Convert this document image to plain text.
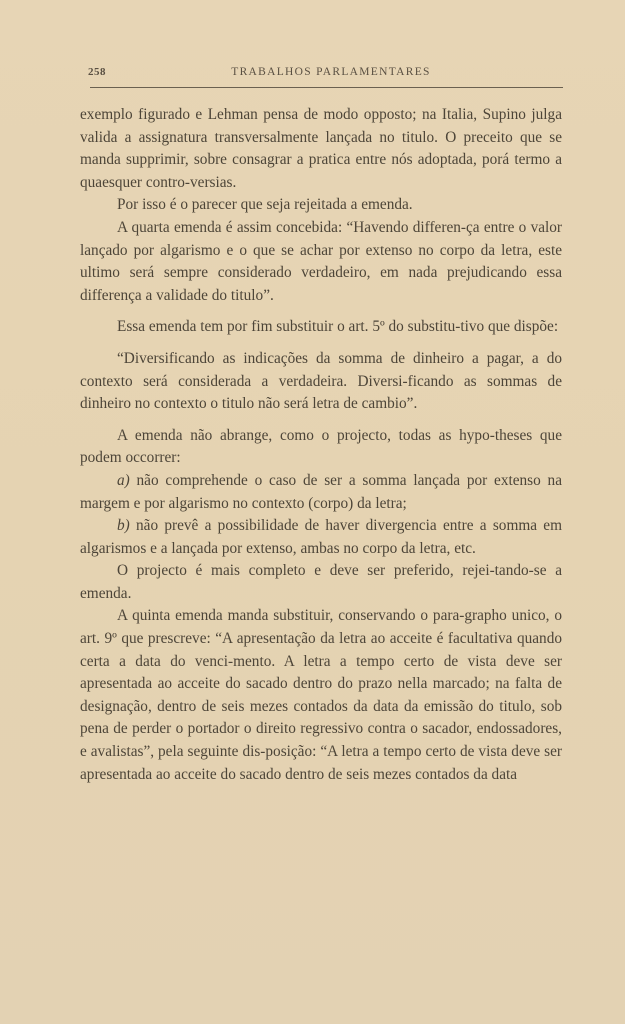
258	TRABALHOS PARLAMENTARES

exemplo figurado e Lehman pensa de modo opposto; na Italia, Supino julga valida a assignatura transversalmente lançada no titulo. O preceito que se manda supprimir, sobre consagrar a pratica entre nós adoptada, porá termo a quaesquer contro-versias.

Por isso é o parecer que seja rejeitada a emenda.

A quarta emenda é assim concebida: “Havendo differen-ça entre o valor lançado por algarismo e o que se achar por extenso no corpo da letra, este ultimo será sempre considerado verdadeiro, em nada prejudicando essa differença a validade do titulo”.

Essa emenda tem por fim substituir o art. 5º do substitu-tivo que dispõe:

“Diversificando as indicações da somma de dinheiro a pagar, a do contexto será considerada a verdadeira. Diversi-ficando as sommas de dinheiro no contexto o titulo não será letra de cambio”.

A emenda não abrange, como o projecto, todas as hypo-theses que podem occorrer:

a) não comprehende o caso de ser a somma lançada por extenso na margem e por algarismo no contexto (corpo) da letra;

b) não prevê a possibilidade de haver divergencia entre a somma em algarismos e a lançada por extenso, ambas no corpo da letra, etc.

O projecto é mais completo e deve ser preferido, rejei-tando-se a emenda.

A quinta emenda manda substituir, conservando o para-grapho unico, o art. 9º que prescreve: “A apresentação da letra ao acceite é facultativa quando certa a data do venci-mento. A letra a tempo certo de vista deve ser apresentada ao acceite do sacado dentro do prazo nella marcado; na falta de designação, dentro de seis mezes contados da data da emissão do titulo, sob pena de perder o portador o direito regressivo contra o sacador, endossadores, e avalistas”, pela seguinte dis-posição: “A letra a tempo certo de vista deve ser apresentada ao acceite do sacado dentro de seis mezes contados da data
